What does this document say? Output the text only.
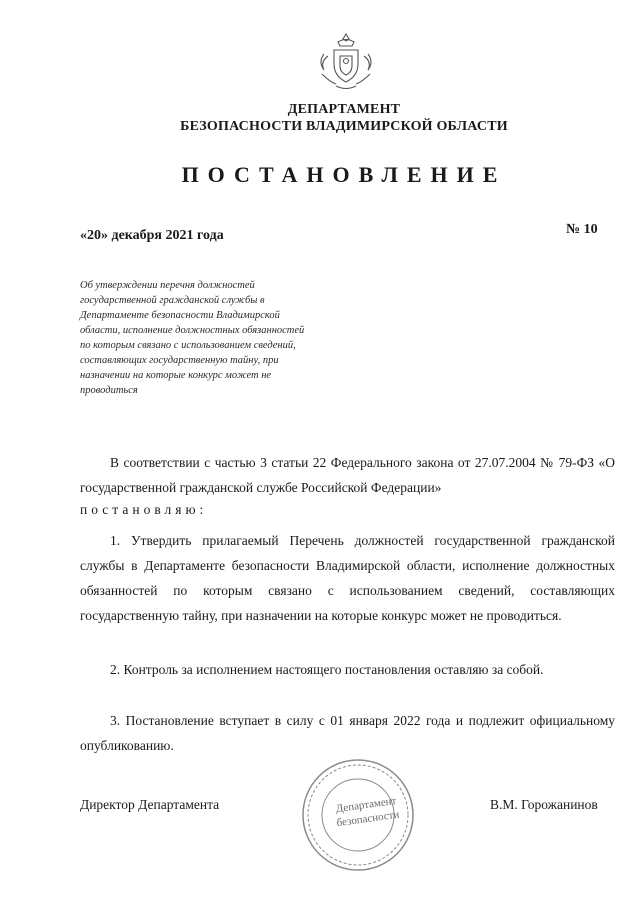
ДЕПАРТАМЕНТ
БЕЗОПАСНОСТИ ВЛАДИМИРСКОЙ ОБЛАСТИ
ПОСТАНОВЛЕНИЕ
«20» декабря 2021 года	№ 10
Об утверждении перечня должностей государственной гражданской службы в Департаменте безопасности Владимирской области, исполнение должностных обязанностей по которым связано с использованием сведений, составляющих государственную тайну, при назначении на которые конкурс может не проводиться
В соответствии с частью 3 статьи 22 Федерального закона от 27.07.2004 № 79-ФЗ «О государственной гражданской службе Российской Федерации»
постановляю:
1. Утвердить прилагаемый Перечень должностей государственной гражданской службы в Департаменте безопасности Владимирской области, исполнение должностных обязанностей по которым связано с использованием сведений, составляющих государственную тайну, при назначении на которые конкурс может не проводиться.
2. Контроль за исполнением настоящего постановления оставляю за собой.
3. Постановление вступает в силу с 01 января 2022 года и подлежит официальному опубликованию.
Департамент безопасности
Директор Департамента	В.М. Горожанинов
